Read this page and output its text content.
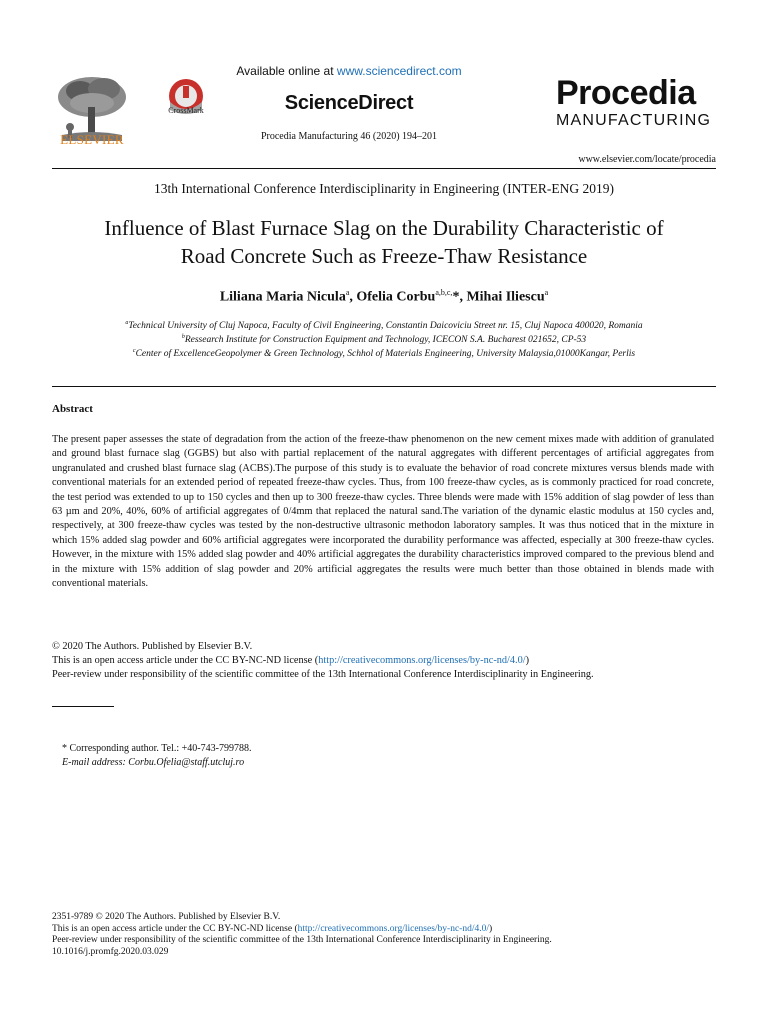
ELSEVIER
CrossMark
Available online at www.sciencedirect.com
ScienceDirect
Procedia Manufacturing 46 (2020) 194–201
Procedia
MANUFACTURING
www.elsevier.com/locate/procedia
13th International Conference Interdisciplinarity in Engineering (INTER-ENG 2019)
Influence of Blast Furnace Slag on the Durability Characteristic of
Road Concrete Such as Freeze-Thaw Resistance
Liliana Maria Nicula$^a$, Ofelia Corbu$^{a,b,c,}$*, Mihai Iliescu$^a$
$^a$Technical University of Cluj Napoca, Faculty of Civil Engineering, Constantin Daicoviciu Street nr. 15, Cluj Napoca 400020, Romania
$^b$Ressearch Institute for Construction Equipment and Technology, ICECON S.A. Bucharest 021652, CP-53
$^c$Center of ExcellenceGeopolymer & Green Technology, Schhol of Materials Engineering, University Malaysia,01000Kangar, Perlis
Abstract
The present paper assesses the state of degradation from the action of the freeze-thaw phenomenon on the new cement mixes made with addition of granulated and ground blast furnace slag (GGBS) but also with partial replacement of the natural aggregates with different percentages of artificial aggregates from ungranulated and crushed blast furnace slag (ACBS).The purpose of this study is to evaluate the behavior of road concrete mixtures versus blends made with conventional materials for an extended period of repeated freeze-thaw cycles. Thus, from 100 freeze-thaw cycles, as is commonly practiced for road concrete, the test period was extended to up to 150 cycles and then up to 300 freeze-thaw cycles. Three blends were made with 15% addition of slag powder of less than 63 µm and 20%, 40%, 60% of artificial aggregates of 0/4mm that replaced the natural sand.The variation of the dynamic elastic modulus at 150 cycles and, respectively, at 300 freeze-thaw cycles was tested by the non-destructive ultrasonic methodon laboratory samples. It was thus noticed that in the mixture in which 15% added slag powder and 60% artificial aggregates were incorporated the durability performance was affected, especially at 300 freeze-thaw cycles. However, in the mixture with 15% added slag powder and 40% artificial aggregates the durability characteristics improved compared to the previous blend and in the mixture with 15% addition of slag powder and 20% artificial aggregates the results were much better than those obtained in blends made with conventional materials.
© 2020 The Authors. Published by Elsevier B.V.
This is an open access article under the CC BY-NC-ND license (http://creativecommons.org/licenses/by-nc-nd/4.0/)
Peer-review under responsibility of the scientific committee of the 13th International Conference Interdisciplinarity in Engineering.
* Corresponding author. Tel.: +40-743-799788.
E-mail address: Corbu.Ofelia@staff.utcluj.ro
2351-9789 © 2020 The Authors. Published by Elsevier B.V.
This is an open access article under the CC BY-NC-ND license (http://creativecommons.org/licenses/by-nc-nd/4.0/)
Peer-review under responsibility of the scientific committee of the 13th International Conference Interdisciplinarity in Engineering.
10.1016/j.promfg.2020.03.029
